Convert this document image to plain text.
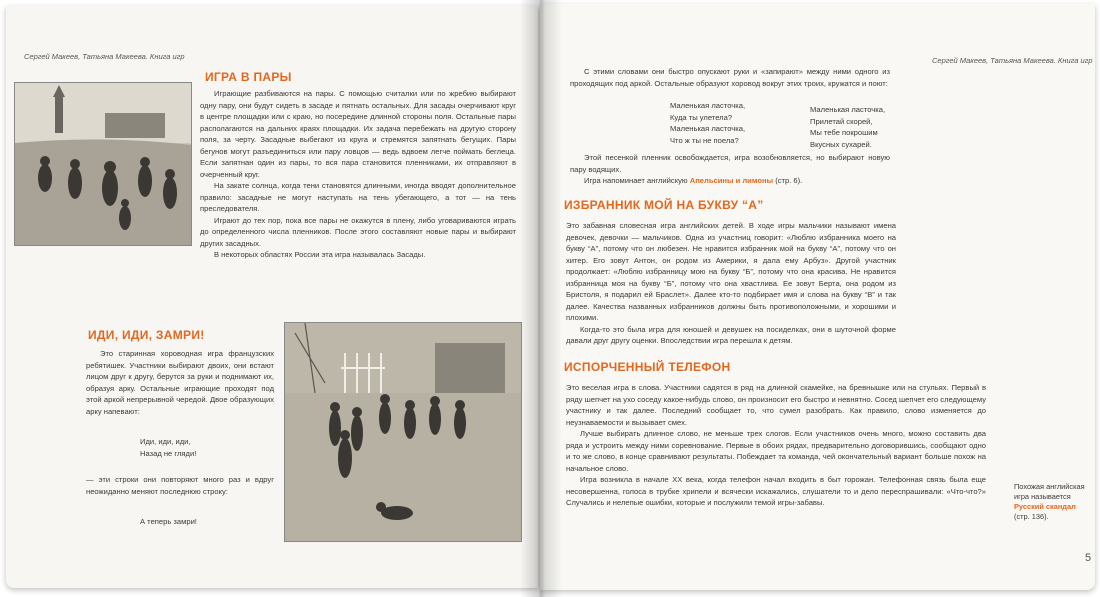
Сергей Макеев, Татьяна Макеева. Книга игр
ИГРА В ПАРЫ

Играющие разбиваются на пары. С помощью считалки или по жребию выбирают одну пару, они будут сидеть в засаде и пятнать остальных. Для засады очерчивают круг в центре площадки или с краю, но посередине длинной стороны поля. Остальные пары располагаются на дальних краях площадки. Их задача перебежать на другую сторону поля, за черту. Засадные выбегают из круга и стремятся запятнать бегущих. Пары бегунов могут разъединиться или пару ловцов — ведь вдвоем легче поймать беглеца. Если запятнан один из пары, то вся пара становится пленниками, их отправляют в очерченный круг.

На закате солнца, когда тени становятся длинными, иногда вводят дополнительное правило: засадные не могут наступать на тень убегающего, а тот — на тень преследователя.

Играют до тех пор, пока все пары не окажутся в плену, либо уговариваются играть до определенного числа пленников. После этого составляют новые пары и выбирают других засадных.

В некоторых областях России эта игра называлась Засады.

ИДИ, ИДИ, ЗАМРИ!

Это старинная хороводная игра французских ребятишек. Участники выбирают двоих, они встают лицом друг к другу, берутся за руки и поднимают их, образуя арку. Остальные играющие проходят под этой аркой непрерывной чередой. Двое образующих арку напевают:

Иди, иди, иди,
Назад не гляди!

— эти строки они повторяют много раз и вдруг неожиданно меняют последнюю строку:

А теперь замри!
Сергей Макеев, Татьяна Макеева. Книга игр

С этими словами они быстро опускают руки и «запирают» между ними одного из проходящих под аркой. Остальные образуют хоровод вокруг этих троих, кружатся и поют:

Маленькая ласточка,
Куда ты улетела?
Маленькая ласточка,
Что ж ты не поела?
Маленькая ласточка,
Прилетай скорей,
Мы тебе покрошим
Вкусных сухарей.

Этой песенкой пленник освобождается, игра возобновляется, но выбирают новую пару водящих.

Игра напоминает английскую Апельсины и лимоны (стр. 6).

ИЗБРАННИК МОЙ НА БУКВУ “А”

Это забавная словесная игра английских детей. В ходе игры мальчики называют имена девочек, девочки — мальчиков. Одна из участниц говорит: «Люблю избранника моего на букву “А”, потому что он любезен. Не нравится избранник мой на букву “А”, потому что он хитер. Его зовут Антон, он родом из Америки, я дала ему Арбуз». Другой участник продолжает: «Люблю избранницу мою на букву “Б”, потому что она красива. Не нравится избранница моя на букву “Б”, потому что она хвастлива. Ее зовут Берта, она родом из Бристоля, я подарил ей Браслет». Далее кто-то подбирает имя и слова на букву “В” и так далее. Качества названных избранников должны быть противоположными, и хорошими и плохими.

Когда-то это была игра для юношей и девушек на посиделках, они в шуточной форме давали друг другу оценки. Впоследствии игра перешла к детям.

ИСПОРЧЕННЫЙ ТЕЛЕФОН

Это веселая игра в слова. Участники садятся в ряд на длинной скамейке, на бревнышке или на стульях. Первый в ряду шепчет на ухо соседу какое-нибудь слово, он произносит его быстро и невнятно. Сосед шепчет его следующему участнику и так далее. Последний сообщает то, что сумел разобрать. Как правило, слово изменяется до неузнаваемости и вызывает смех.

Лучше выбирать длинное слово, не меньше трех слогов. Если участников очень много, можно составить два ряда и устроить между ними соревнование. Первые в обоих рядах, предварительно договорившись, сообщают одно и то же слово, в конце сравнивают результаты. Побеждает та команда, чей окончательный вариант больше похож на начальное слово.

Игра возникла в начале XX века, когда телефон начал входить в быт горожан. Телефонная связь была еще несовершенна, голоса в трубке хрипели и всячески искажались, слушатели то и дело переспрашивали: «Что-что?» Случались и нелепые ошибки, которые и послужили темой игры-забавы.

Похожая английская
игра называется
Русский скандал
(стр. 136).
5
